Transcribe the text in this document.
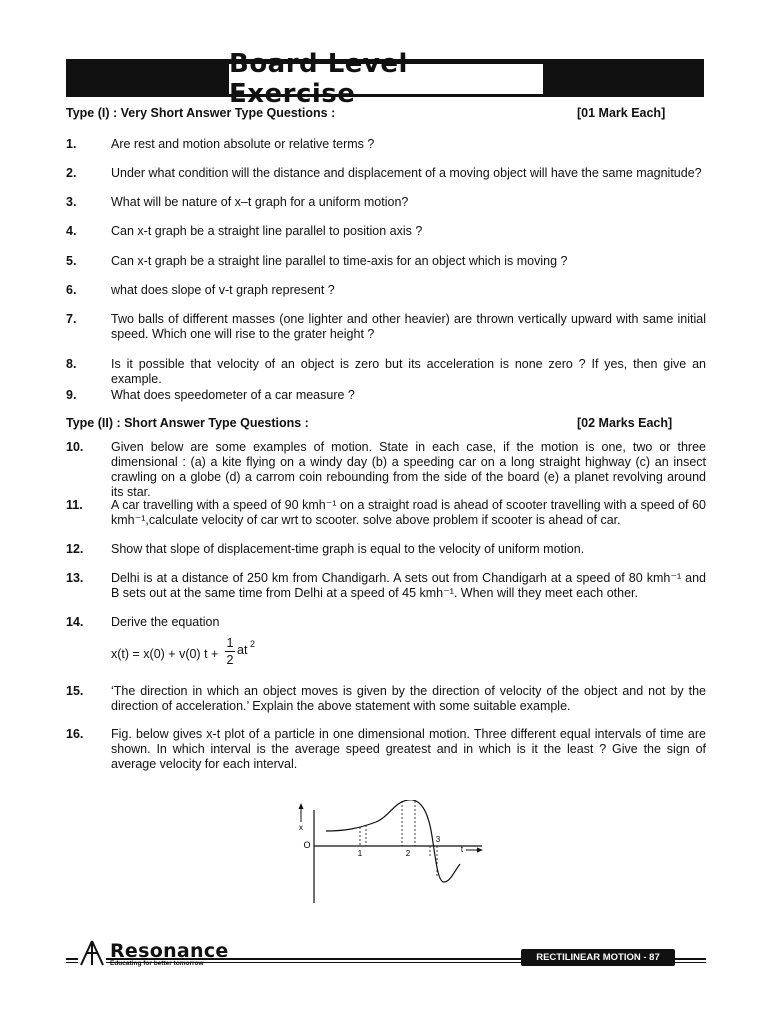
Board Level Exercise
Type (I) : Very Short Answer Type Questions :	[01 Mark Each]
1.	Are rest and motion absolute or relative terms ?
2.	Under what condition will the distance and displacement of a moving object will have the same magnitude?
3.	What will be nature of x–t graph for a uniform motion?
4.	Can x-t graph be a straight line parallel to position axis ?
5.	Can x-t graph be a straight line parallel to time-axis for an object which is moving ?
6.	what does slope of v-t graph represent ?
7.	Two balls of different masses (one lighter and other heavier) are thrown vertically upward with same initial speed. Which one will rise to the grater height ?
8.	Is it possible that velocity of an object is zero but its acceleration is none zero ? If yes, then give an example.
9.	What does speedometer of a car measure ?
Type (II) : Short Answer Type Questions :	[02 Marks Each]
10. Given below are some examples of motion. State in each case, if the motion is one, two or three dimensional : (a) a kite flying on a windy day (b) a speeding car on a long straight highway (c) an insect crawling on a globe (d) a carrom coin rebounding from the side of the board (e) a planet revolving around its star.
11. A car travelling with a speed of 90 kmh⁻¹ on a straight road is ahead of scooter travelling with a speed of 60 kmh⁻¹,calculate velocity of car wrt to scooter. solve above problem if scooter is ahead of car.
12. Show that slope of displacement-time graph is equal to the velocity of uniform motion.
13. Delhi is at a distance of 250 km from Chandigarh. A sets out from Chandigarh at a speed of 80 kmh⁻¹ and B sets out at the same time from Delhi at a speed of 45 kmh⁻¹. When will they meet each other.
14. Derive the equation
x(t) = x(0) + v(0) t +
1
2
at 2
15. ‘The direction in which an object moves is given by the direction of velocity of the object and not by the direction of acceleration.’ Explain the above statement with some suitable example.
16. Fig. below gives x-t plot of a particle in one dimensional motion. Three different equal intervals of time are shown. In which interval is the average speed greatest and in which is it the least ? Give the sign of average velocity for each interval.
x
O	t
1	2
3
Resonance
Educating for better tomorrow
RECTILINEAR MOTION - 87
